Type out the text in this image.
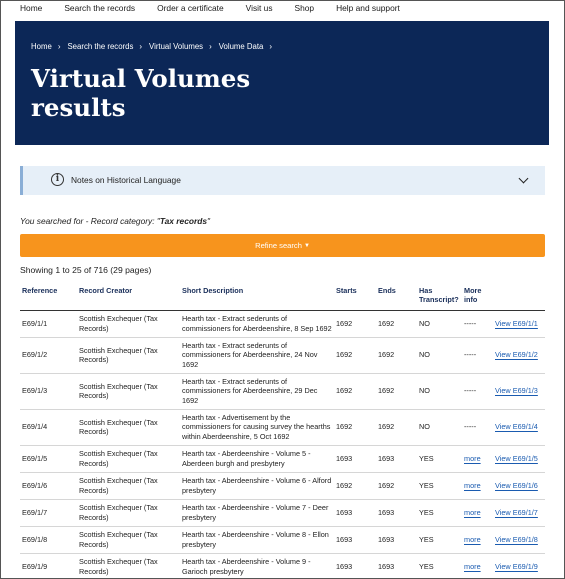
Home	Search the records	Order a certificate	Visit us	Shop	Help and support
Home › Search the records › Virtual Volumes › Volume Data ›
Virtual Volumes
results
i	Notes on Historical Language
You searched for - Record category: "Tax records"
Refine search ▼
Showing 1 to 25 of 716 (29 pages)
Reference	Record Creator	Short Description	Starts	Ends	Has Transcript?	More info	
E69/1/1	Scottish Exchequer (Tax Records)	Hearth tax - Extract sederunts of commissioners for Aberdeenshire, 8 Sep 1692	1692	1692	NO	-----	View E69/1/1
E69/1/2	Scottish Exchequer (Tax Records)	Hearth tax - Extract sederunts of commissioners for Aberdeenshire, 24 Nov 1692	1692	1692	NO	-----	View E69/1/2
E69/1/3	Scottish Exchequer (Tax Records)	Hearth tax - Extract sederunts of commissioners for Aberdeenshire, 29 Dec 1692	1692	1692	NO	-----	View E69/1/3
E69/1/4	Scottish Exchequer (Tax Records)	Hearth tax - Advertisement by the commissioners for causing survey the hearths within Aberdeenshire, 5 Oct 1692	1692	1692	NO	-----	View E69/1/4
E69/1/5	Scottish Exchequer (Tax Records)	Hearth tax - Aberdeenshire - Volume 5 - Aberdeen burgh and presbytery	1693	1693	YES	more	View E69/1/5
E69/1/6	Scottish Exchequer (Tax Records)	Hearth tax - Aberdeenshire - Volume 6 - Alford presbytery	1692	1692	YES	more	View E69/1/6
E69/1/7	Scottish Exchequer (Tax Records)	Hearth tax - Aberdeenshire - Volume 7 - Deer presbytery	1693	1693	YES	more	View E69/1/7
E69/1/8	Scottish Exchequer (Tax Records)	Hearth tax - Aberdeenshire - Volume 8 - Ellon presbytery	1693	1693	YES	more	View E69/1/8
E69/1/9	Scottish Exchequer (Tax Records)	Hearth tax - Aberdeenshire - Volume 9 - Garioch presbytery	1693	1693	YES	more	View E69/1/9
